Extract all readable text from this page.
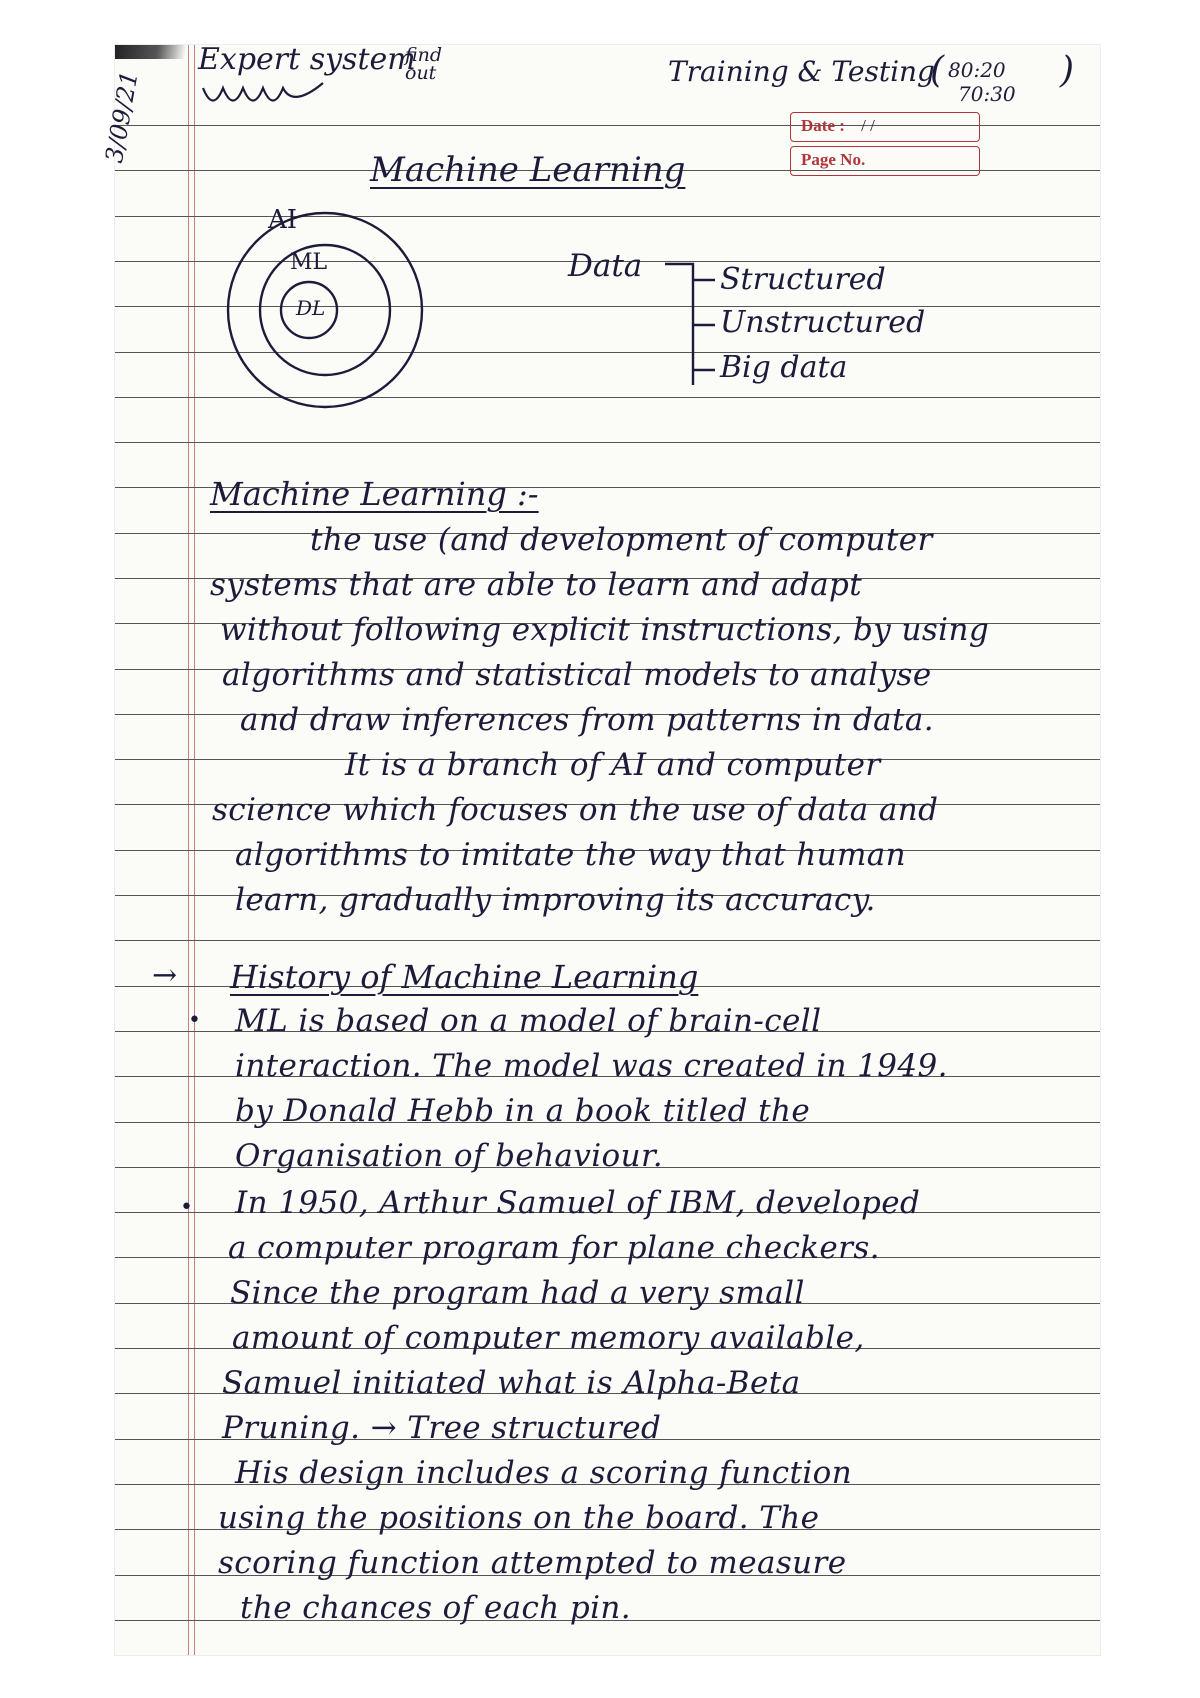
Expert system
find out	Training & Testing
( 80:20
70:30
)
3/09/21	Date : / /
Page No.
Machine Learning
AI
ML
DL
Data	Structured
Unstructured
Big data
Machine Learning :-
the use (and development of computer
systems that are able to learn and adapt
without following explicit instructions, by using
algorithms and statistical models to analyse
and draw inferences from patterns in data.
It is a branch of AI and computer
science which focuses on the use of data and
algorithms to imitate the way that human
learn, gradually improving its accuracy.
→ History of Machine Learning
• ML is based on a model of brain-cell
interaction. The model was created in 1949.
by Donald Hebb in a book titled the
Organisation of behaviour.
• In 1950, Arthur Samuel of IBM, developed
a computer program for plane checkers.
Since the program had a very small
amount of computer memory available,
Samuel initiated what is Alpha-Beta
Pruning. → Tree structured
His design includes a scoring function
using the positions on the board. The
scoring function attempted to measure
the chances of each pin.
